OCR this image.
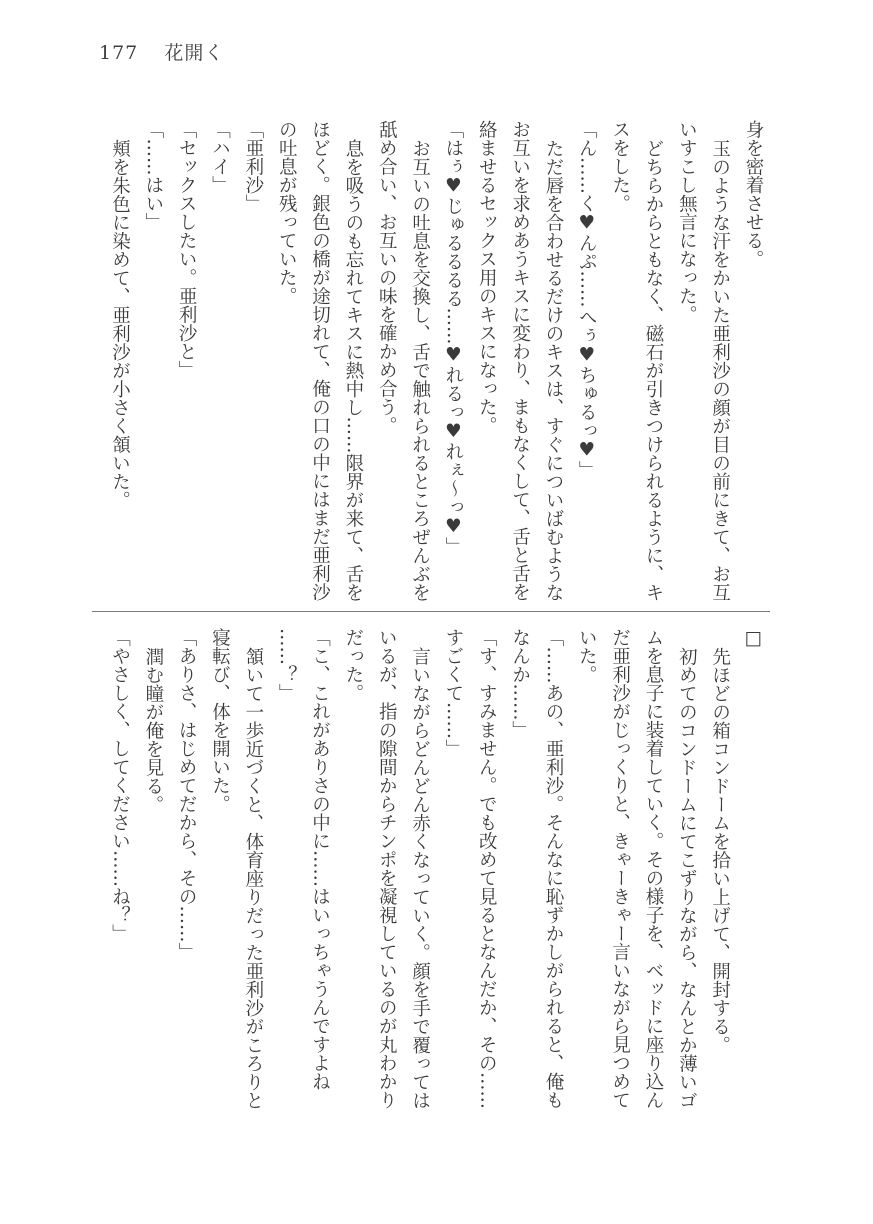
177 花開く
身を密着させる。
玉のような汗をかいた亜利沙の顔が目の前にきて、お互
いすこし無言になった。
どちらからともなく、磁石が引きつけられるように、キ
スをした。
「ん……く♥んぷ……へぅ♥ちゅるっ♥」
ただ唇を合わせるだけのキスは、すぐについばむような
お互いを求めあうキスに変わり、まもなくして、舌と舌を
絡ませるセックス用のキスになった。
「はぅ♥じゅるるるる……♥れるっ♥れぇ〜っ♥」
お互いの吐息を交換し、舌で触れられるところぜんぶを
舐め合い、お互いの味を確かめ合う。
息を吸うのも忘れてキスに熱中し……限界が来て、舌を
ほどく。銀色の橋が途切れて、俺の口の中にはまだ亜利沙
の吐息が残っていた。
「亜利沙」
「ハイ」
「セックスしたい。亜利沙と」
「……はい」
頬を朱色に染めて、亜利沙が小さく頷いた。
□
先ほどの箱コンドームを拾い上げて、開封する。
初めてのコンドームにてこずりながら、なんとか薄いゴ
ムを息子に装着していく。その様子を、ベッドに座り込ん
だ亜利沙がじっくりと、きゃーきゃー言いながら見つめて
いた。
「……あの、亜利沙。そんなに恥ずかしがられると、俺も
なんか……」
「す、すみません。でも改めて見るとなんだか、その……
すごくて……」
言いながらどんどん赤くなっていく。顔を手で覆っては
いるが、指の隙間からチンポを凝視しているのが丸わかり
だった。
「こ、これがありさの中に……はいっちゃうんですよね
……？」
頷いて一歩近づくと、体育座りだった亜利沙がころりと
寝転び、体を開いた。
「ありさ、はじめてだから、その……」
潤む瞳が俺を見る。
「やさしく、してください……ね？」
